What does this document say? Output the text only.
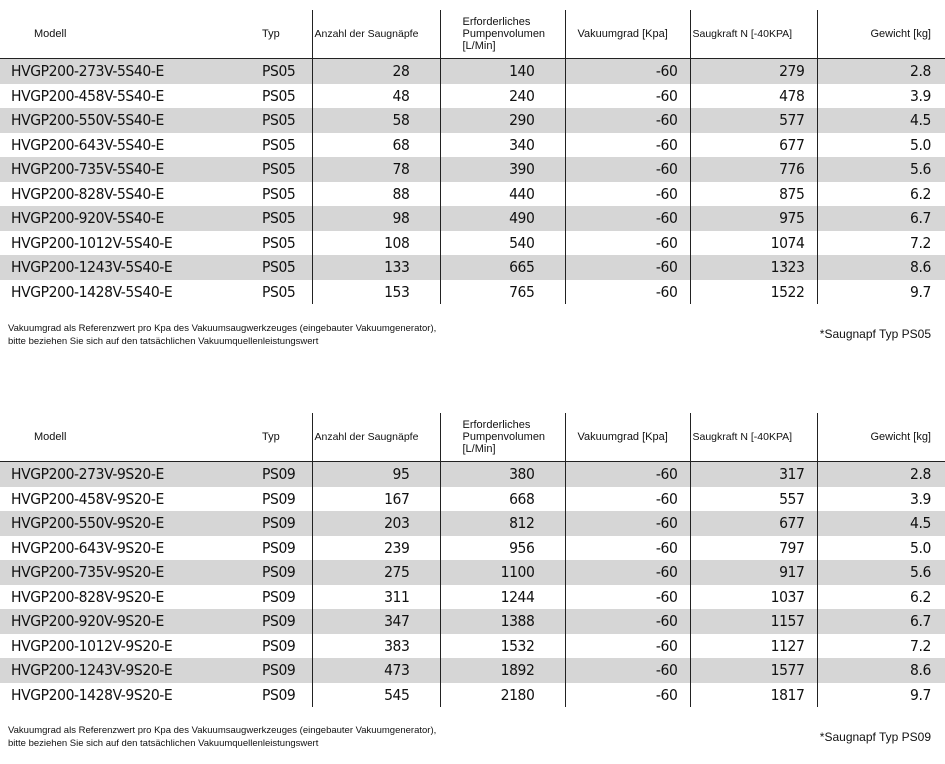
Modell	Typ	Anzahl der Saugnäpfe	Erforderliches
Pumpenvolumen
[L/Min]	Vakuumgrad [Kpa]	Saugkraft N [-40KPA]	Gewicht [kg]
HVGP200-273V-5S40-E	PS05	28	140	-60	279	2.8
HVGP200-458V-5S40-E	PS05	48	240	-60	478	3.9
HVGP200-550V-5S40-E	PS05	58	290	-60	577	4.5
HVGP200-643V-5S40-E	PS05	68	340	-60	677	5.0
HVGP200-735V-5S40-E	PS05	78	390	-60	776	5.6
HVGP200-828V-5S40-E	PS05	88	440	-60	875	6.2
HVGP200-920V-5S40-E	PS05	98	490	-60	975	6.7
HVGP200-1012V-5S40-E	PS05	108	540	-60	1074	7.2
HVGP200-1243V-5S40-E	PS05	133	665	-60	1323	8.6
HVGP200-1428V-5S40-E	PS05	153	765	-60	1522	9.7
Vakuumgrad als Referenzwert pro Kpa des Vakuumsaugwerkzeuges (eingebauter Vakuumgenerator),
bitte beziehen Sie sich auf den tatsächlichen Vakuumquellenleistungswert
*Saugnapf Typ PS05
Modell	Typ	Anzahl der Saugnäpfe	Erforderliches
Pumpenvolumen
[L/Min]	Vakuumgrad [Kpa]	Saugkraft N [-40KPA]	Gewicht [kg]
HVGP200-273V-9S20-E	PS09	95	380	-60	317	2.8
HVGP200-458V-9S20-E	PS09	167	668	-60	557	3.9
HVGP200-550V-9S20-E	PS09	203	812	-60	677	4.5
HVGP200-643V-9S20-E	PS09	239	956	-60	797	5.0
HVGP200-735V-9S20-E	PS09	275	1100	-60	917	5.6
HVGP200-828V-9S20-E	PS09	311	1244	-60	1037	6.2
HVGP200-920V-9S20-E	PS09	347	1388	-60	1157	6.7
HVGP200-1012V-9S20-E	PS09	383	1532	-60	1127	7.2
HVGP200-1243V-9S20-E	PS09	473	1892	-60	1577	8.6
HVGP200-1428V-9S20-E	PS09	545	2180	-60	1817	9.7
Vakuumgrad als Referenzwert pro Kpa des Vakuumsaugwerkzeuges (eingebauter Vakuumgenerator),
bitte beziehen Sie sich auf den tatsächlichen Vakuumquellenleistungswert	*Saugnapf Typ PS09
